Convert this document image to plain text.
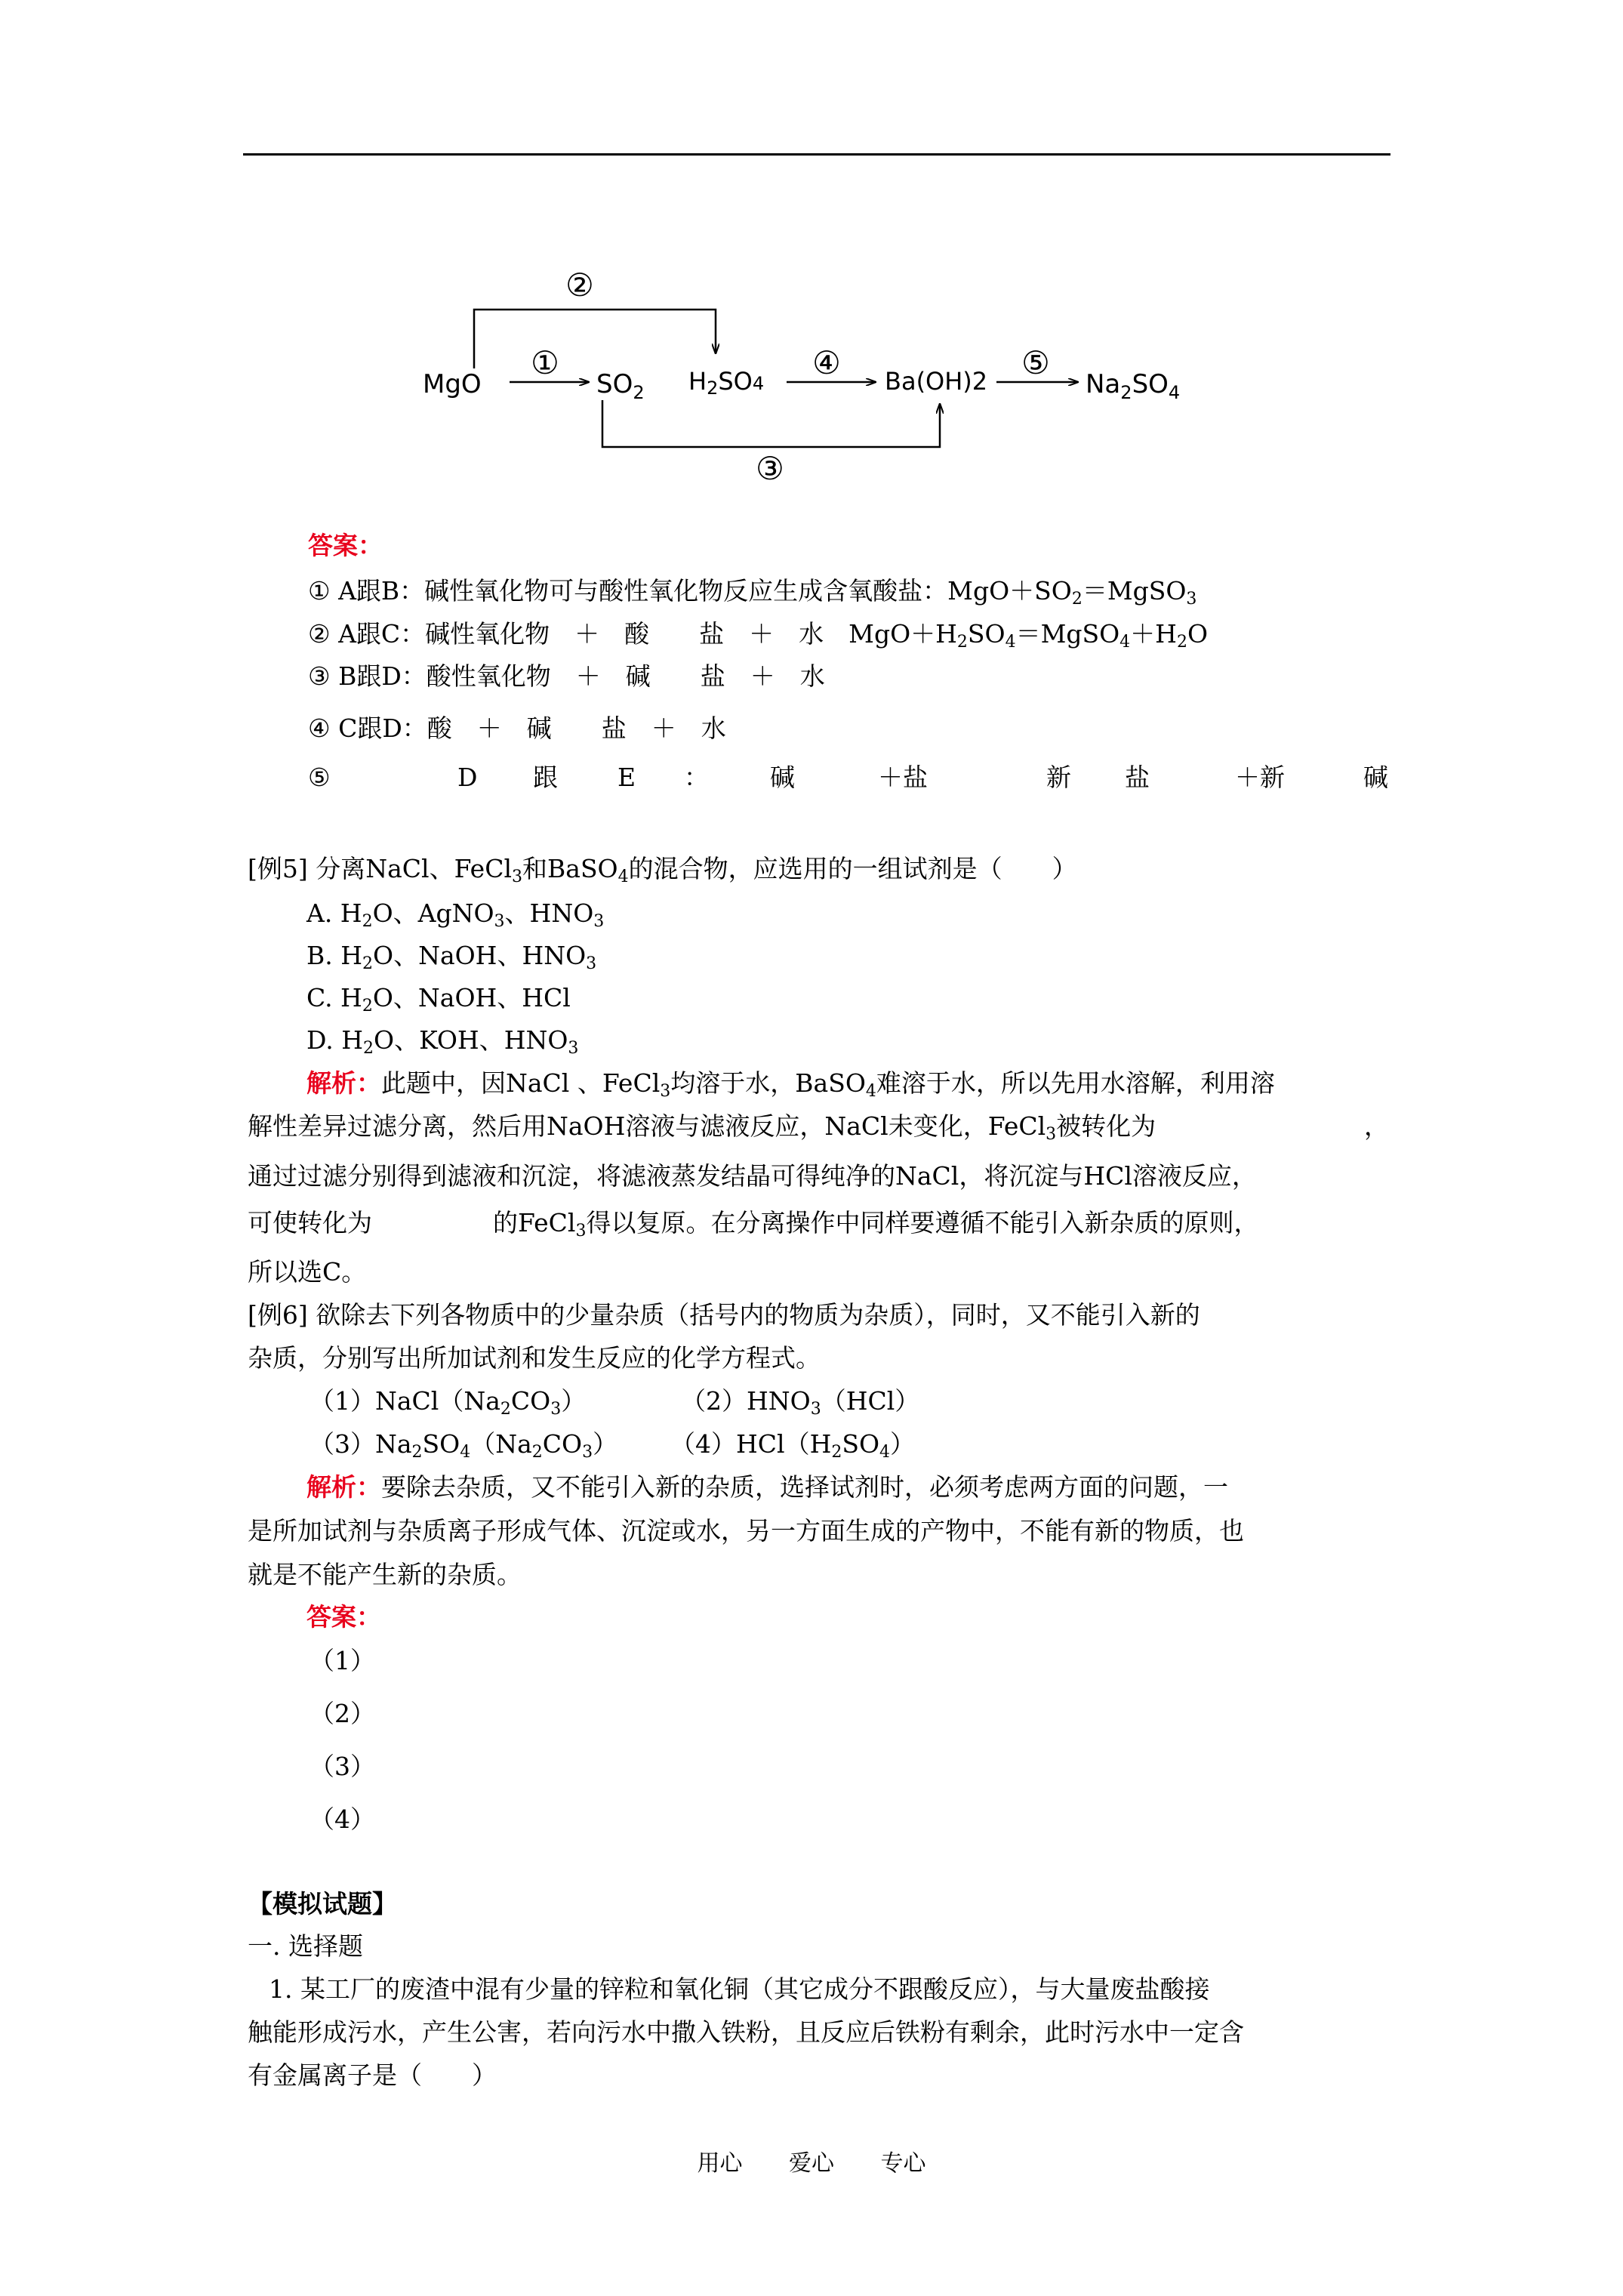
②
①
③
④	⑤
MgO	$SO_2$ H2SO4	Ba(OH)2	$Na_2SO_4$
答案：
① A跟B：碱性氧化物可与酸性氧化物反应生成含氧酸盐：$MgO+SO_2=MgSO_3$
② A跟C：碱性氧化物　＋　酸　　盐　＋　水　$MgO+H_2SO_4=MgSO_4+H_2O$
③ B跟D：酸性氧化物　＋　碱　　盐　＋　水
④ C跟D：酸　＋　碱　　盐　＋　水
⑤	D 跟 E ： 碱	＋盐	新 盐	＋新	碱
[例5] 分离NaCl、FeCl$_3$和BaSO$_4$的混合物，应选用的一组试剂是（　　）
A. $H_2O$、AgNO$_3$、$HNO_3$
B. $H_2O$、NaOH、$HNO_3$
C. $H_2O$、NaOH、HCl
D. $H_2O$、KOH、$HNO_3$
解析：此题中，因NaCl 、FeCl$_3$均溶于水，BaSO$_4$难溶于水，所以先用水溶解，利用溶
解性差异过滤分离，然后用NaOH溶液与滤液反应，NaCl未变化，FeCl$_3$被转化为	，
通过过滤分别得到滤液和沉淀，将滤液蒸发结晶可得纯净的NaCl，将沉淀与HCl溶液反应，
可使转化为	的FeCl$_3$得以复原。在分离操作中同样要遵循不能引入新杂质的原则，
所以选C。
[例6] 欲除去下列各物质中的少量杂质（括号内的物质为杂质），同时，又不能引入新的
杂质，分别写出所加试剂和发生反应的化学方程式。
$(1)NaCl(Na_2CO_3)$	$(2)HNO_3(HCl)$
$(3)Na_2SO_4(Na_2CO_3)$ $(4)HCl(H_2SO_4)$
解析：要除去杂质，又不能引入新的杂质，选择试剂时，必须考虑两方面的问题，一
是所加试剂与杂质离子形成气体、沉淀或水，另一方面生成的产物中，不能有新的物质，也
就是不能产生新的杂质。
答案：
（1）
（2）
（3）
（4）
【模拟试题】
一. 选择题
1. 某工厂的废渣中混有少量的锌粒和氧化铜（其它成分不跟酸反应），与大量废盐酸接
触能形成污水，产生公害，若向污水中撒入铁粉，且反应后铁粉有剩余，此时污水中一定含
有金属离子是（　　）
用心 爱心 专心
